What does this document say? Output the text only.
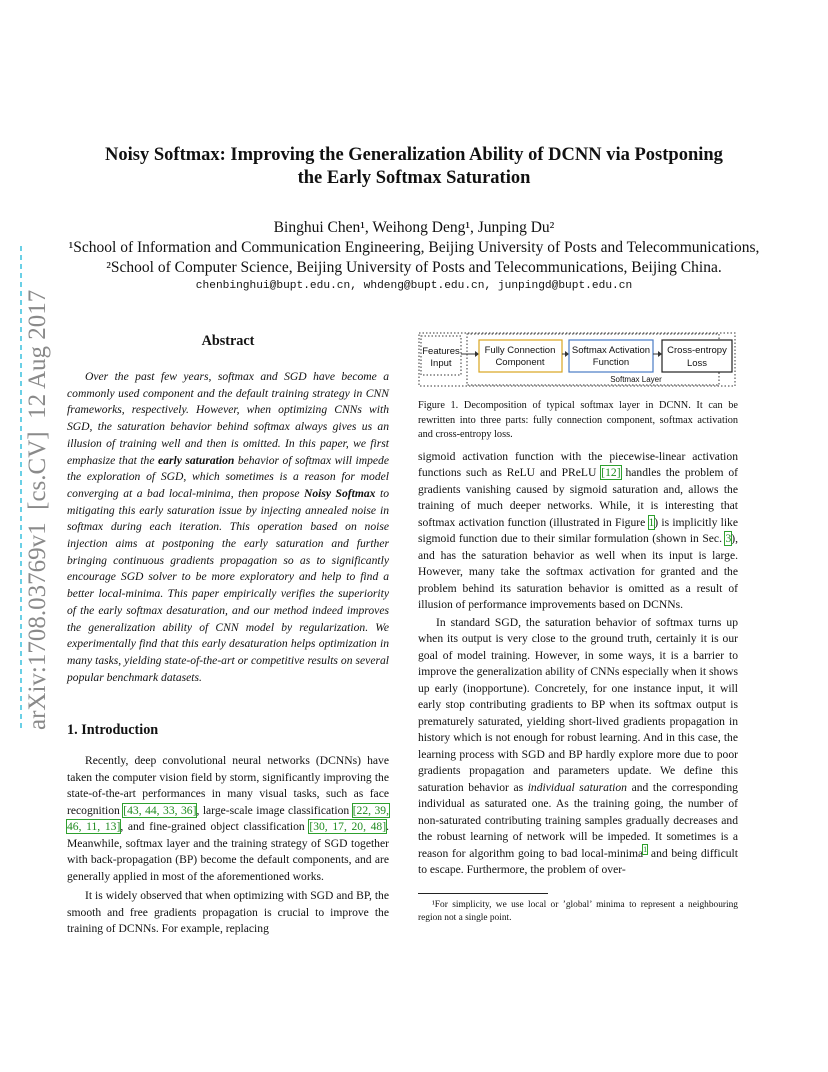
arXiv:1708.03769v1  [cs.CV]  12 Aug 2017
Noisy Softmax: Improving the Generalization Ability of DCNN via Postponing
the Early Softmax Saturation
Binghui Chen¹, Weihong Deng¹, Junping Du²
¹School of Information and Communication Engineering, Beijing University of Posts and Telecommunications,
²School of Computer Science, Beijing University of Posts and Telecommunications, Beijing China.
chenbinghui@bupt.edu.cn, whdeng@bupt.edu.cn, junpingd@bupt.edu.cn
Abstract

Over the past few years, softmax and SGD have become a commonly used component and the default training strategy in CNN frameworks, respectively. However, when optimizing CNNs with SGD, the saturation behavior behind softmax always gives us an illusion of training well and then is omitted. In this paper, we first emphasize that the early saturation behavior of softmax will impede the exploration of SGD, which sometimes is a reason for model converging at a bad local-minima, then propose Noisy Softmax to mitigating this early saturation issue by injecting annealed noise in softmax during each iteration. This operation based on noise injection aims at postponing the early saturation and further bringing continuous gradients propagation so as to significantly encourage SGD solver to be more exploratory and help to find a better local-minima. This paper empirically verifies the superiority of the early softmax desaturation, and our method indeed improves the generalization ability of CNN model by regularization. We experimentally find that this early desaturation helps optimization in many tasks, yielding state-of-the-art or competitive results on several popular benchmark datasets.

1. Introduction

Recently, deep convolutional neural networks (DCNNs) have taken the computer vision field by storm, significantly improving the state-of-the-art performances in many visual tasks, such as face recognition [43, 44, 33, 36], large-scale image classification [22, 39, 46, 11, 13], and fine-grained object classification [30, 17, 20, 48]. Meanwhile, softmax layer and the training strategy of SGD together with back-propagation (BP) become the default components, and are generally applied in most of the aforementioned works.

It is widely observed that when optimizing with SGD and BP, the smooth and free gradients propagation is crucial to improve the training of DCNNs. For example, replacing

Features
Input
Fully Connection
Component
Softmax Activation
Function
Cross-entropy
Loss
Softmax Layer
Figure 1. Decomposition of typical softmax layer in DCNN. It can be rewritten into three parts: fully connection component, softmax activation and cross-entropy loss.

sigmoid activation function with the piecewise-linear activation functions such as ReLU and PReLU [12] handles the problem of gradients vanishing caused by sigmoid saturation and, allows the training of much deeper networks. While, it is interesting that softmax activation function (illustrated in Figure 1) is implicitly like sigmoid function due to their similar formulation (shown in Sec. 3), and has the saturation behavior as well when its input is large. However, many take the softmax activation for granted and the problem behind its saturation behavior is omitted as a result of illusion of performance improvements based on DCNNs.

In standard SGD, the saturation behavior of softmax turns up when its output is very close to the ground truth, certainly it is our goal of model training. However, in some ways, it is a barrier to improve the generalization ability of CNNs especially when it shows up early (inopportune). Concretely, for one instance input, it will early stop contributing gradients to BP when its softmax output is prematurely saturated, yielding short-lived gradients propagation in history which is not enough for robust learning. And in this case, the learning process with SGD and BP hardly explore more due to poor gradients propagation and parameters update. We define this saturation behavior as individual saturation and the corresponding individual as saturated one. As the training going, the number of non-saturated contributing training samples gradually decreases and the robust learning of network will be impeded. It sometimes is a reason for algorithm going to bad local-minima$^1$ and being difficult to escape. Furthermore, the problem of over-

¹For simplicity, we use local or ’global’ minima to represent a neighbouring region not a single point.
